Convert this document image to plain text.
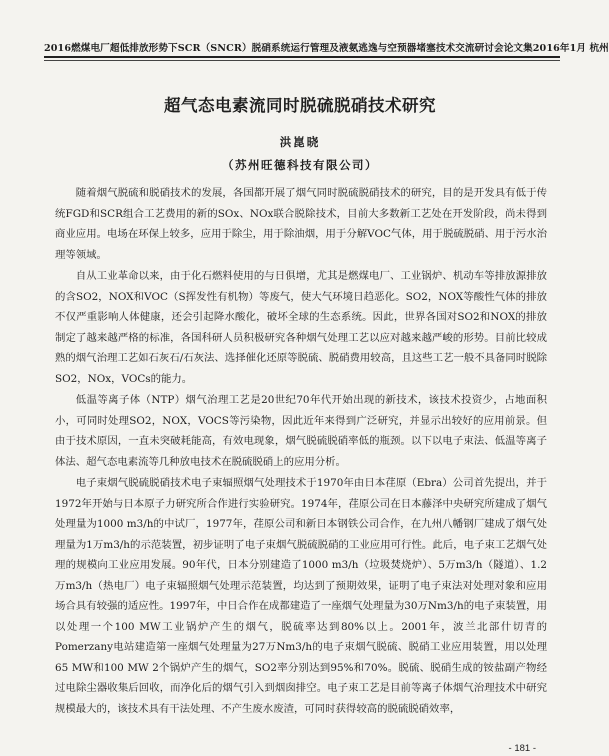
2016燃煤电厂超低排放形势下SCR（SNCR）脱硝系统运行管理及液氨逃逸与空预器堵塞技术交流研讨会论文集 2016年1月 杭州
超气态电素流同时脱硫脱硝技术研究
洪崑晓
（苏州旺德科技有限公司）

随着烟气脱硫和脱硝技术的发展，各国都开展了烟气同时脱硫脱硝技术的研究，目的是开发具有低于传统FGD和SCR组合工艺费用的新的SOx、NOx联合脱除技术，目前大多数新工艺处在开发阶段，尚未得到商业应用。电场在环保上较多，应用于除尘，用于除油烟，用于分解VOC气体，用于脱硫脱硝、用于污水治理等领域。

自从工业革命以来，由于化石燃料使用的与日俱增，尤其是燃煤电厂、工业锅炉、机动车等排放源排放的含SO2，NOX和VOC（S挥发性有机物）等废气，使大气环境日趋恶化。SO2，NOX等酸性气体的排放不仅严重影响人体健康，还会引起降水酸化，破坏全球的生态系统。因此，世界各国对SO2和NOX的排放制定了越来越严格的标准，各国科研人员积极研究各种烟气处理工艺以应对越来越严峻的形势。目前比较成熟的烟气治理工艺如石灰石/石灰法、选择催化还原等脱硫、脱硝费用较高，且这些工艺一般不具备同时脱除SO2，NOx，VOCs的能力。

低温等离子体（NTP）烟气治理工艺是20世纪70年代开始出现的新技术，该技术投资少，占地面积小，可同时处理SO2，NOX，VOCS等污染物，因此近年来得到广泛研究，并显示出较好的应用前景。但由于技术原因，一直未突破耗能高，有效电现象，烟气脱硫脱硝率低的瓶颈。以下以电子束法、低温等离子体法、超气态电素流等几种放电技术在脱硫脱硝上的应用分析。

电子束烟气脱硫脱硝技术电子束辐照烟气处理技术于1970年由日本荏原（Ebra）公司首先提出，并于1972年开始与日本原子力研究所合作进行实验研究。1974年，荏原公司在日本藤泽中央研究所建成了烟气处理量为1000 m3/h的中试厂，1977年，荏原公司和新日本钢铁公司合作，在九州八幡钢厂建成了烟气处理量为1万m3/h的示范装置，初步证明了电子束烟气脱硫脱硝的工业应用可行性。此后，电子束工艺烟气处理的规模向工业应用发展。90年代，日本分别建造了1000 m3/h（垃圾焚烧炉）、5万m3/h（隧道）、1.2万m3/h（热电厂）电子束辐照烟气处理示范装置，均达到了预期效果，证明了电子束法对处理对象和应用场合具有较强的适应性。1997年，中日合作在成都建造了一座烟气处理量为30万Nm3/h的电子束装置，用以处理一个100 MW工业锅炉产生的烟气，脱硫率达到80%以上。2001年，波兰北部什切青的Pomerzany电站建造第一座烟气处理量为27万Nm3/h的电子束烟气脱硫、脱硝工业应用装置，用以处理65 MW和100 MW 2个锅炉产生的烟气，SO2率分别达到95%和70%。脱硫、脱硝生成的铵盐副产物经过电除尘器收集后回收，而净化后的烟气引入到烟囱排空。电子束工艺是目前等离子体烟气治理技术中研究规模最大的，该技术具有干法处理、不产生废水废渣，可同时获得较高的脱硫脱硝效率，

- 181 -
